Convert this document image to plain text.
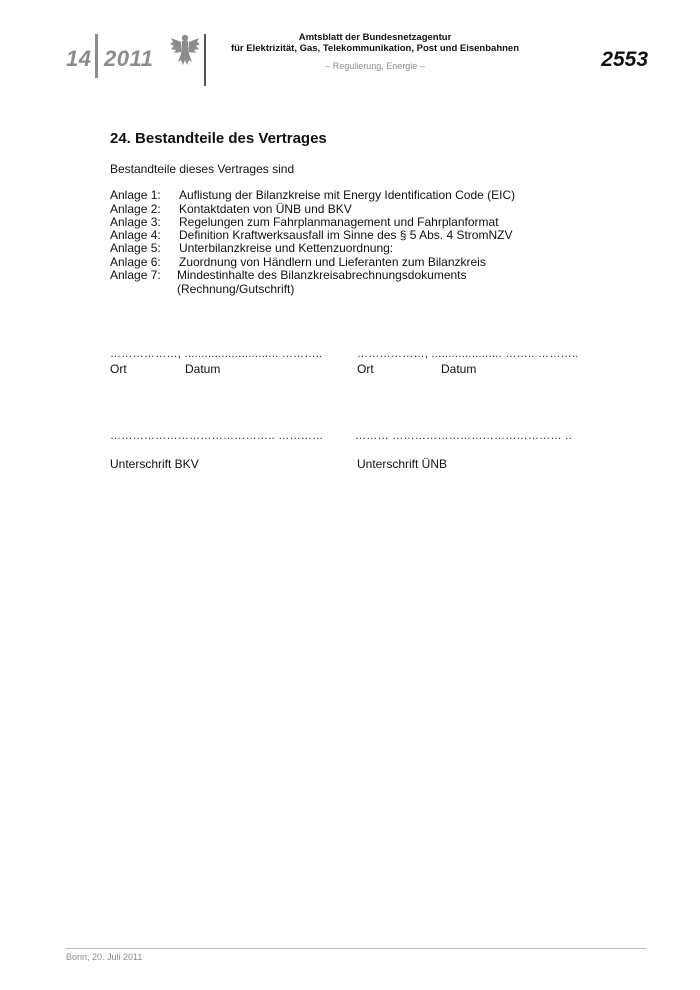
14 2011
Amtsblatt der Bundesnetzagentur
für Elektrizität, Gas, Telekommunikation, Post und Eisenbahnen
– Regulierung, Energie –	2553
24. Bestandteile des Vertrages
Bestandteile dieses Vertrages sind
Anlage 1: Auflistung der Bilanzkreise mit Energy Identification Code (EIC)
Anlage 2: Kontaktdaten von ÜNB und BKV
Anlage 3: Regelungen zum Fahrplanmanagement und Fahrplanformat
Anlage 4: Definition Kraftwerksausfall im Sinne des § 5 Abs. 4 StromNZV
Anlage 5: Unterbilanzkreise und Kettenzuordnung:
Anlage 6: Zuordnung von Händlern und Lieferanten zum Bilanzkreis
Anlage 7: Mindestinhalte des Bilanzkreisabrechnungsdokuments
(Rechnung/Gutschrift)
………………, ............................ ………..	………………, ..................... …….. ………..
Ort	Datum	Ort	Datum
…………………………………….. …………	……… ……………………………………… ..
Unterschrift BKV	Unterschrift ÜNB
Bonn, 20. Juli 2011
